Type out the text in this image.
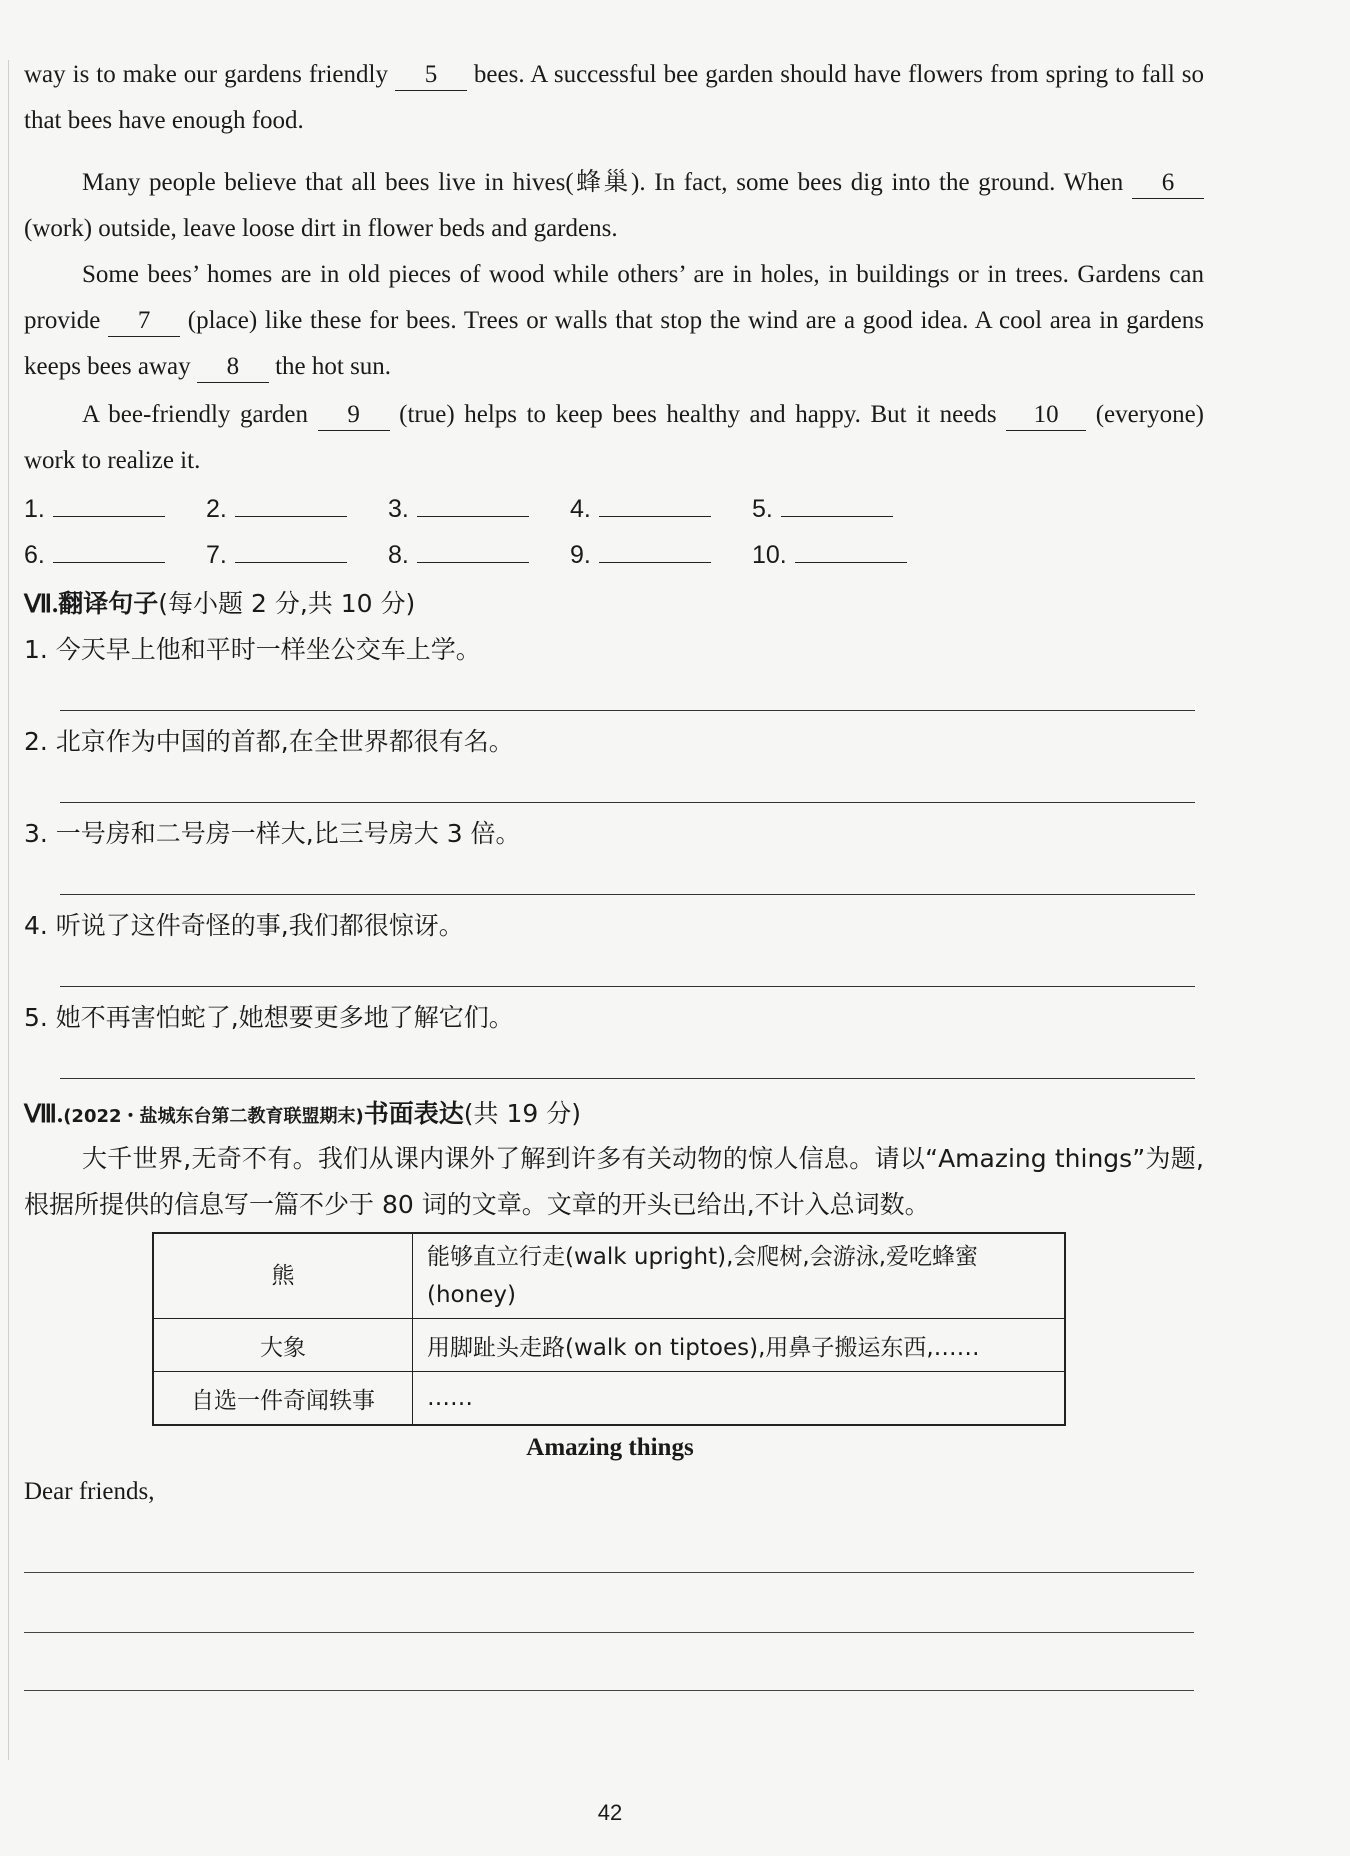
way is to make our gardens friendly 5 bees. A successful bee garden should have flowers from spring to fall so that bees have enough food.
Many people believe that all bees live in hives(蜂巢). In fact, some bees dig into the ground. When 6(work) outside, leave loose dirt in flower beds and gardens.
Some bees’ homes are in old pieces of wood while others’ are in holes, in buildings or in trees. Gardens can provide 7 (place) like these for bees. Trees or walls that stop the wind are a good idea. A cool area in gardens keeps bees away 8 the hot sun.
A bee-friendly garden 9 (true) helps to keep bees healthy and happy. But it needs 10 (everyone) work to realize it.
1.	2.	3.	4.	5.
6.	7.	8.	9.	10.
Ⅶ.翻译句子(每小题 2 分,共 10 分)
1. 今天早上他和平时一样坐公交车上学。
2. 北京作为中国的首都,在全世界都很有名。
3. 一号房和二号房一样大,比三号房大 3 倍。
4. 听说了这件奇怪的事,我们都很惊讶。
5. 她不再害怕蛇了,她想要更多地了解它们。
Ⅷ.(2022・盐城东台第二教育联盟期末)书面表达(共 19 分)
大千世界,无奇不有。我们从课内课外了解到许多有关动物的惊人信息。请以“Amazing things”为题,根据所提供的信息写一篇不少于 80 词的文章。文章的开头已给出,不计入总词数。
熊	能够直立行走(walk upright),会爬树,会游泳,爱吃蜂蜜(honey)
大象	用脚趾头走路(walk on tiptoes),用鼻子搬运东西,……
自选一件奇闻轶事	……
Amazing things
Dear friends,
42
